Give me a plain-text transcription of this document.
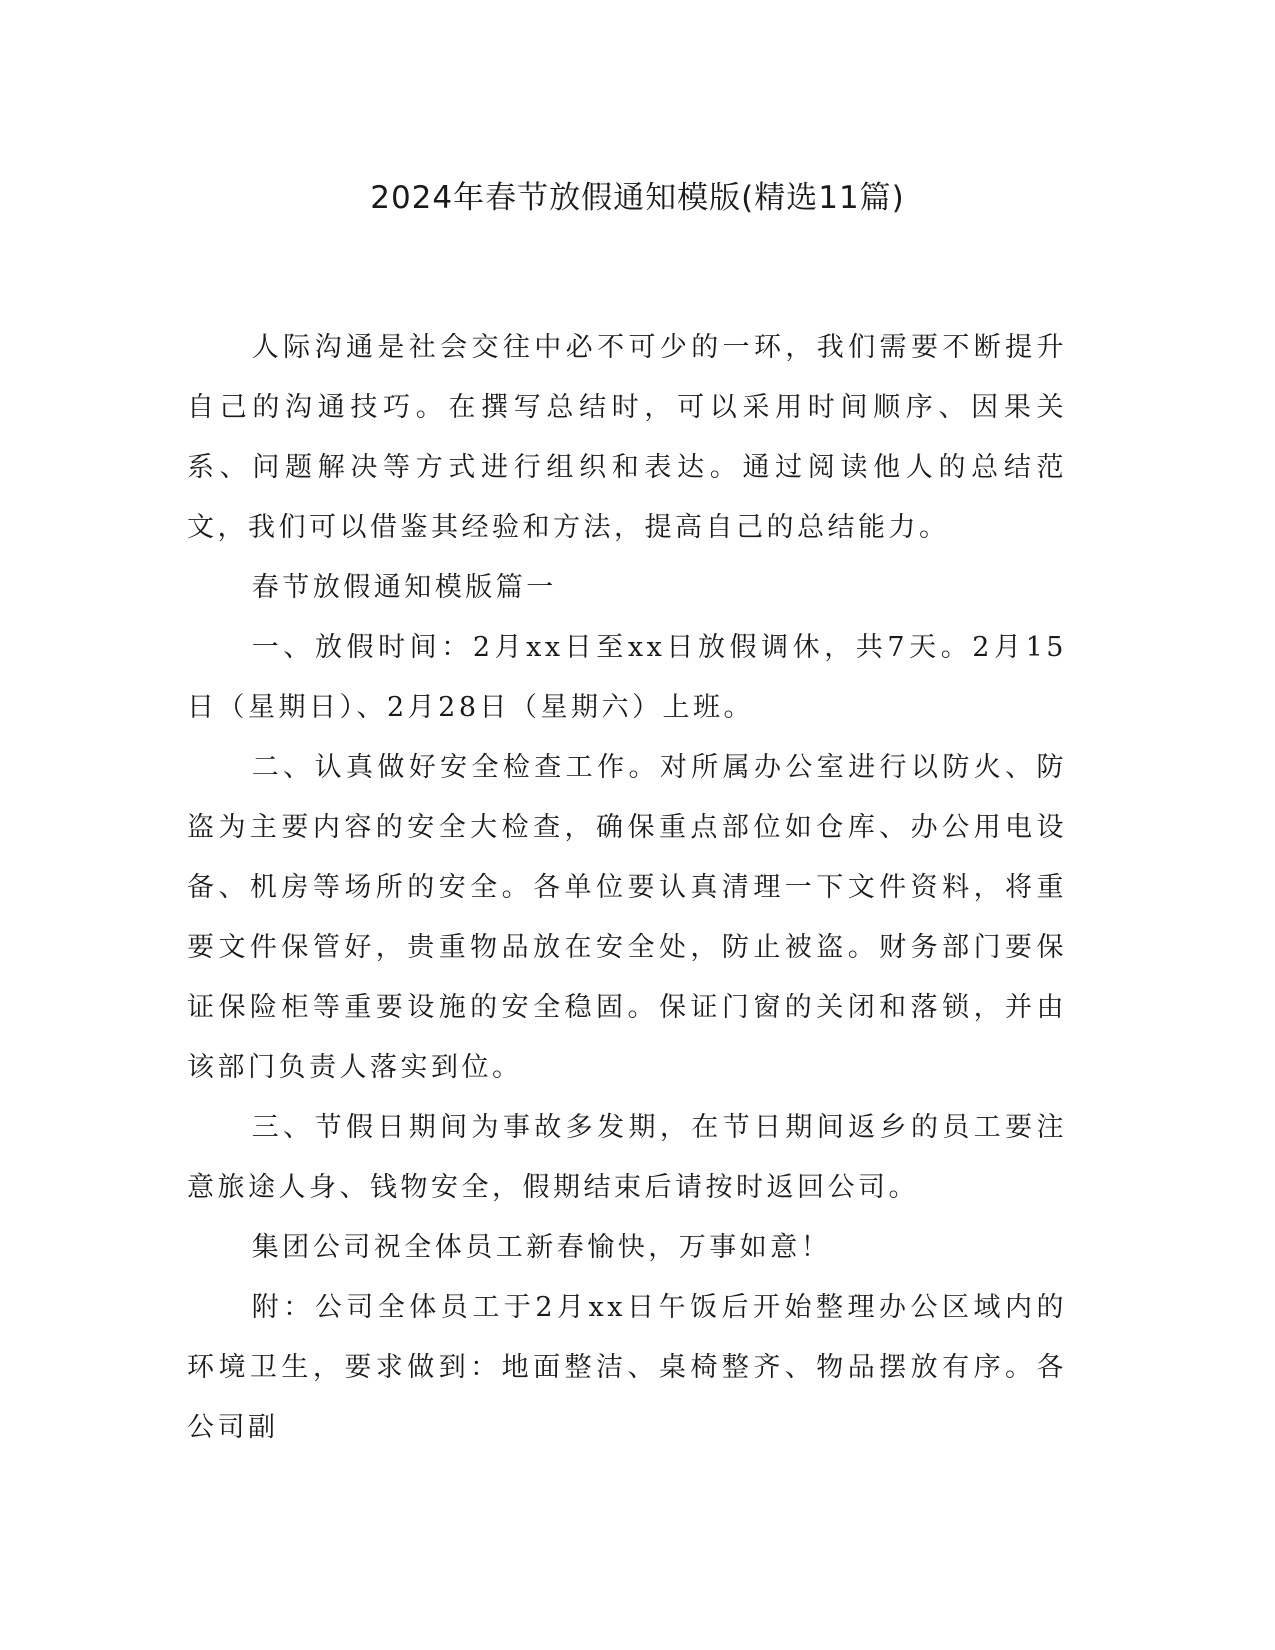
2024年春节放假通知模版(精选11篇)

人际沟通是社会交往中必不可少的一环，我们需要不断提升自己的沟通技巧。在撰写总结时，可以采用时间顺序、因果关系、问题解决等方式进行组织和表达。通过阅读他人的总结范文，我们可以借鉴其经验和方法，提高自己的总结能力。

春节放假通知模版篇一

一、放假时间：2月xx日至xx日放假调休，共7天。2月15日（星期日）、2月28日（星期六）上班。

二、认真做好安全检查工作。对所属办公室进行以防火、防盗为主要内容的安全大检查，确保重点部位如仓库、办公用电设备、机房等场所的安全。各单位要认真清理一下文件资料，将重要文件保管好，贵重物品放在安全处，防止被盗。财务部门要保证保险柜等重要设施的安全稳固。保证门窗的关闭和落锁，并由该部门负责人落实到位。

三、节假日期间为事故多发期，在节日期间返乡的员工要注意旅途人身、钱物安全，假期结束后请按时返回公司。

集团公司祝全体员工新春愉快，万事如意！

附：公司全体员工于2月xx日午饭后开始整理办公区域内的环境卫生，要求做到：地面整洁、桌椅整齐、物品摆放有序。各公司副
